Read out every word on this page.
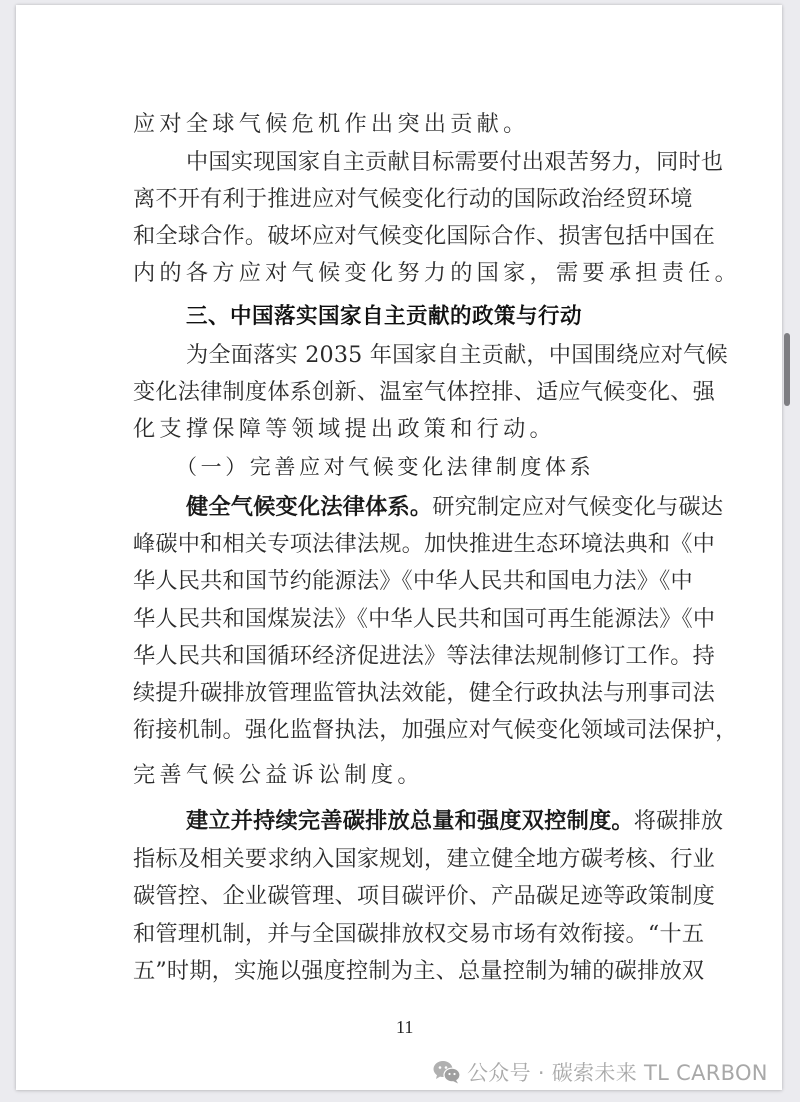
应对全球气候危机作出突出贡献。
中国实现国家自主贡献目标需要付出艰苦努力，同时也
离不开有利于推进应对气候变化行动的国际政治经贸环境
和全球合作。破坏应对气候变化国际合作、损害包括中国在
内的各方应对气候变化努力的国家，需要承担责任。
三、中国落实国家自主贡献的政策与行动
为全面落实 2035 年国家自主贡献，中国围绕应对气候
变化法律制度体系创新、温室气体控排、适应气候变化、强
化支撑保障等领域提出政策和行动。
（一）完善应对气候变化法律制度体系
健全气候变化法律体系。研究制定应对气候变化与碳达
峰碳中和相关专项法律法规。加快推进生态环境法典和《中
华人民共和国节约能源法》《中华人民共和国电力法》《中
华人民共和国煤炭法》《中华人民共和国可再生能源法》《中
华人民共和国循环经济促进法》等法律法规制修订工作。持
续提升碳排放管理监管执法效能，健全行政执法与刑事司法
衔接机制。强化监督执法，加强应对气候变化领域司法保护，
完善气候公益诉讼制度。
建立并持续完善碳排放总量和强度双控制度。将碳排放
指标及相关要求纳入国家规划，建立健全地方碳考核、行业
碳管控、企业碳管理、项目碳评价、产品碳足迹等政策制度
和管理机制，并与全国碳排放权交易市场有效衔接。“十五
五”时期，实施以强度控制为主、总量控制为辅的碳排放双
11
公众号 · 碳索未来 TL CARBON
